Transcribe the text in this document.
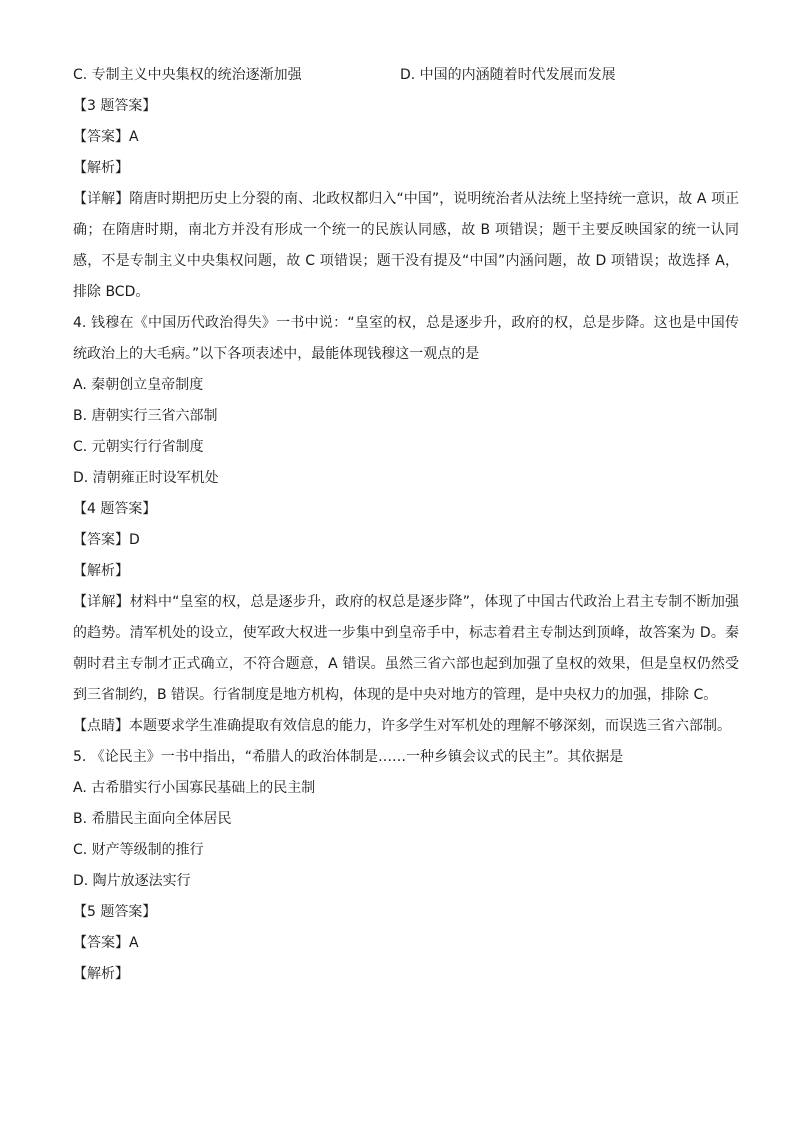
C. 专制主义中央集权的统治逐渐加强	D. 中国的内涵随着时代发展而发展

【3 题答案】

【答案】A

【解析】

【详解】隋唐时期把历史上分裂的南、北政权都归入“中国”，说明统治者从法统上坚持统一意识，故 A 项正确；在隋唐时期，南北方并没有形成一个统一的民族认同感，故 B 项错误；题干主要反映国家的统一认同感，不是专制主义中央集权问题，故 C 项错误；题干没有提及“中国”内涵问题，故 D 项错误；故选择 A，排除 BCD。

4. 钱穆在《中国历代政治得失》一书中说：“皇室的权，总是逐步升，政府的权，总是步降。这也是中国传统政治上的大毛病。”以下各项表述中，最能体现钱穆这一观点的是

A. 秦朝创立皇帝制度

B. 唐朝实行三省六部制

C. 元朝实行行省制度

D. 清朝雍正时设军机处

【4 题答案】

【答案】D

【解析】

【详解】材料中“皇室的权，总是逐步升，政府的权总是逐步降”，体现了中国古代政治上君主专制不断加强的趋势。清军机处的设立，使军政大权进一步集中到皇帝手中，标志着君主专制达到顶峰，故答案为 D。秦朝时君主专制才正式确立，不符合题意，A 错误。虽然三省六部也起到加强了皇权的效果，但是皇权仍然受到三省制约，B 错误。行省制度是地方机构，体现的是中央对地方的管理，是中央权力的加强，排除 C。

【点睛】本题要求学生准确提取有效信息的能力，许多学生对军机处的理解不够深刻，而误选三省六部制。

5. 《论民主》一书中指出，“希腊人的政治体制是……一种乡镇会议式的民主”。其依据是

A. 古希腊实行小国寡民基础上的民主制

B. 希腊民主面向全体居民

C. 财产等级制的推行

D. 陶片放逐法实行

【5 题答案】

【答案】A

【解析】
